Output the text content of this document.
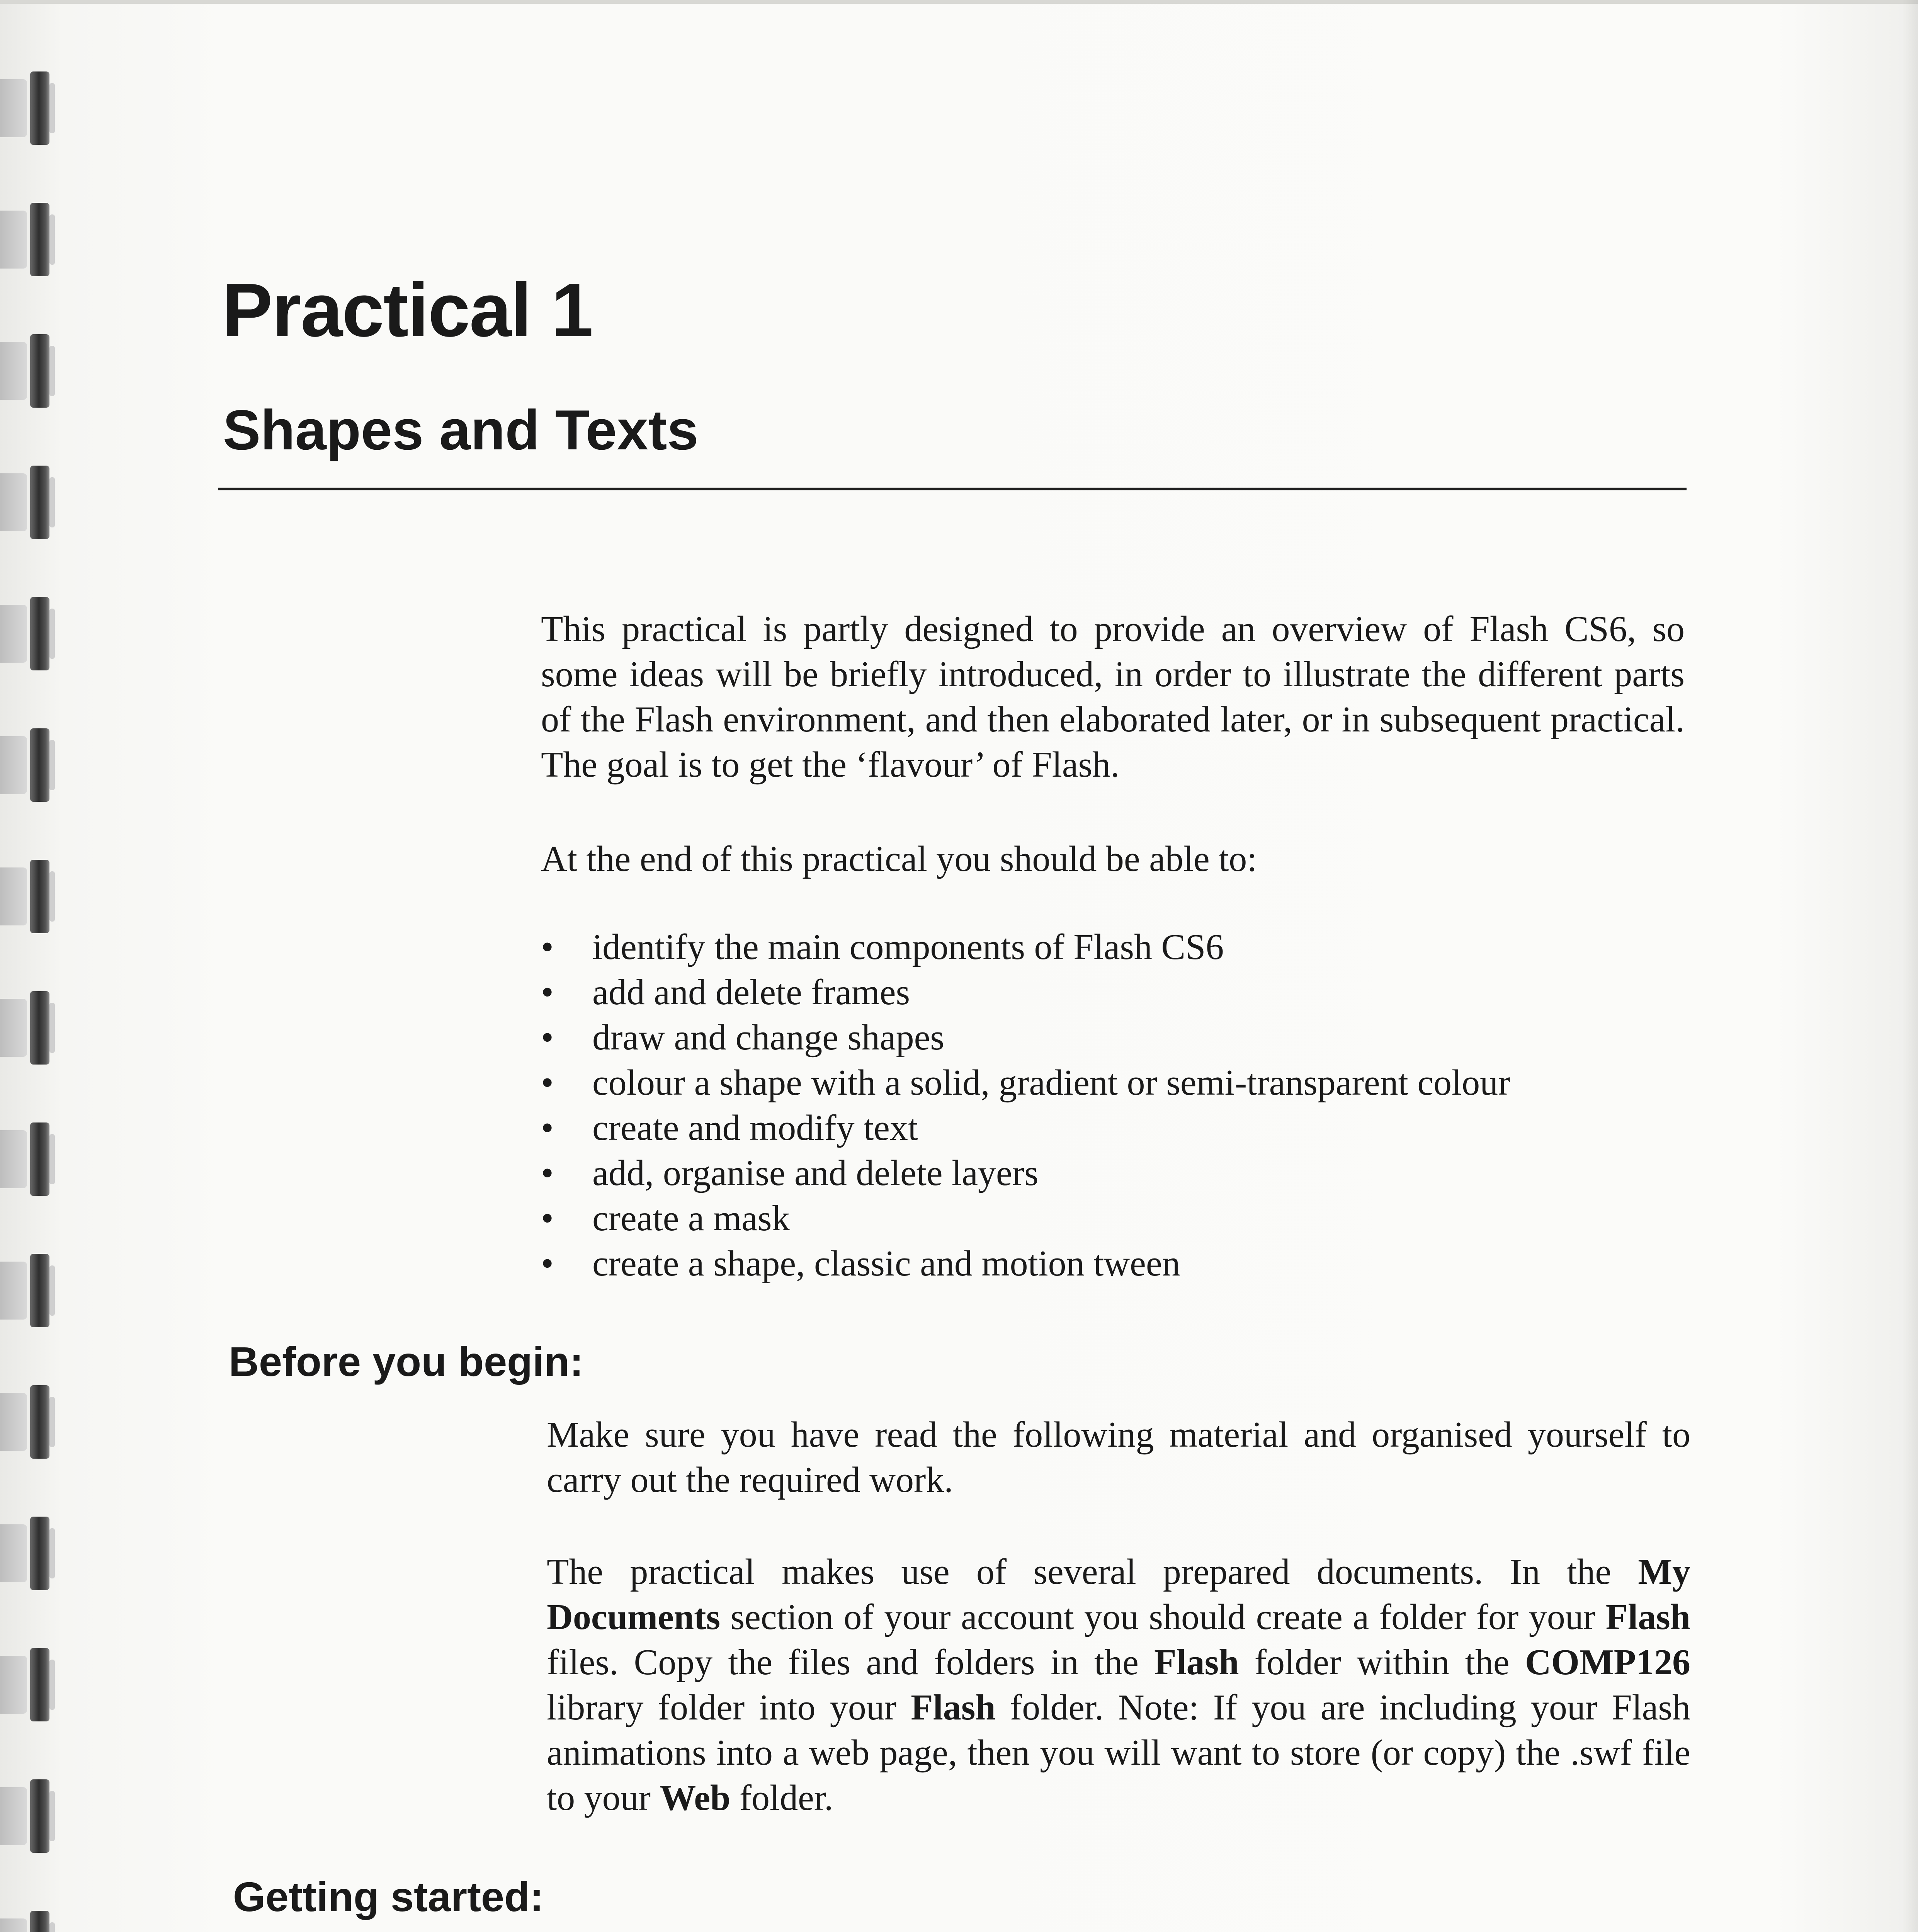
Practical 1
Shapes and Texts

This practical is partly designed to provide an overview of Flash CS6, so some ideas will be briefly introduced, in order to illustrate the different parts of the Flash environment, and then elaborated later, or in subsequent practical. The goal is to get the ‘flavour’ of Flash.

At the end of this practical you should be able to:

• identify the main components of Flash CS6
• add and delete frames
• draw and change shapes
• colour a shape with a solid, gradient or semi-transparent colour
• create and modify text
• add, organise and delete layers
• create a mask
• create a shape, classic and motion tween
Before you begin:

Make sure you have read the following material and organised yourself to carry out the required work.

The practical makes use of several prepared documents. In the My Documents section of your account you should create a folder for your Flash files. Copy the files and folders in the Flash folder within the COMP126 library folder into your Flash folder. Note: If you are including your Flash animations into a web page, then you will want to store (or copy) the .swf file to your Web folder.

Getting started:
